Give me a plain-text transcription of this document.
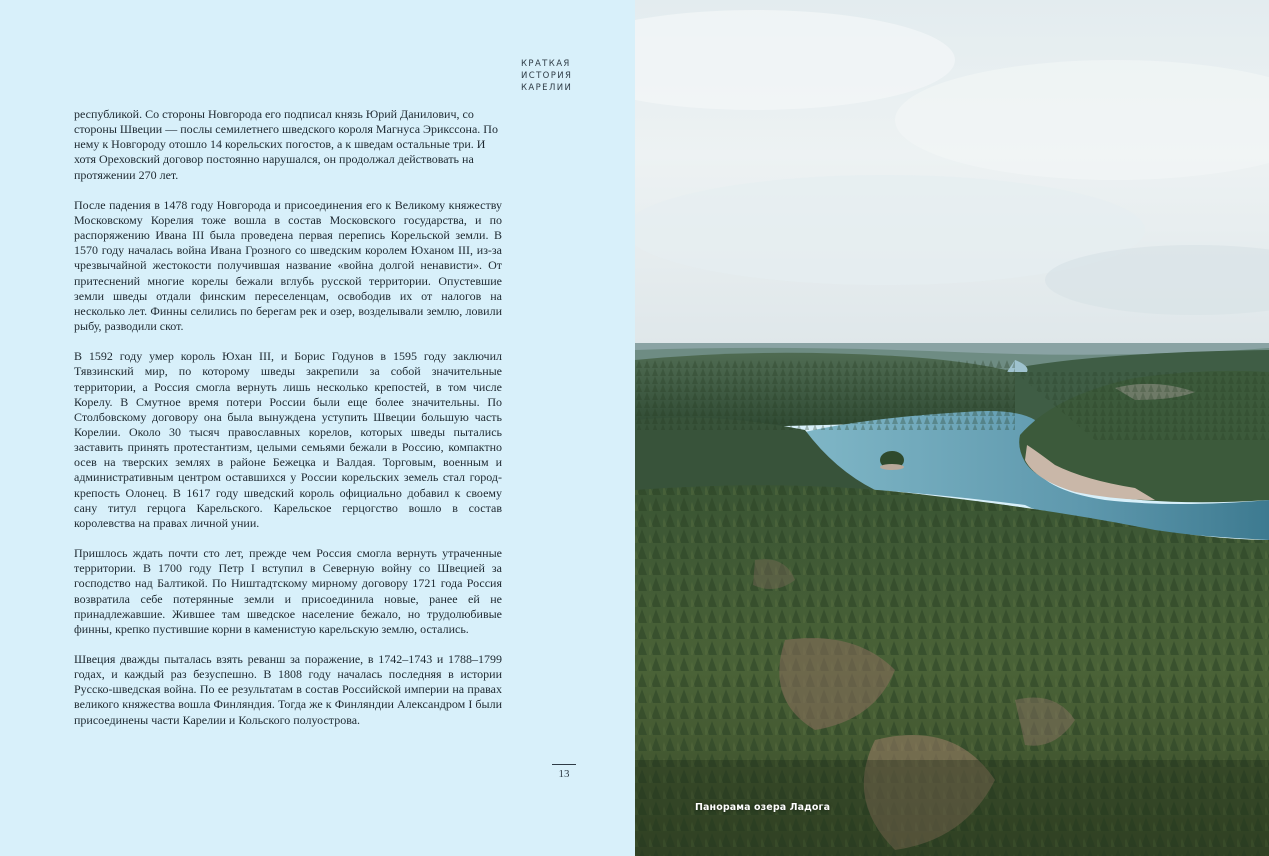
КРАТКАЯ
ИСТОРИЯ
КАРЕЛИИ

республикой. Со стороны Новгорода его подписал князь Юрий Данилович, со стороны Швеции — послы семилетнего шведского короля Магнуса Эрикссона. По нему к Новгороду отошло 14 корельских погостов, а к шведам остальные три. И хотя Ореховский договор постоянно нарушался, он продолжал действовать на протяжении 270 лет.

После падения в 1478 году Новгорода и присоединения его к Великому княжеству Московскому Корелия тоже вошла в состав Московского государства, и по распоряжению Ивана III была проведена первая перепись Корельской земли. В 1570 году началась война Ивана Грозного со шведским королем Юханом III, из-за чрезвычайной жестокости получившая название «война долгой ненависти». От притеснений многие корелы бежали вглубь русской территории. Опустевшие земли шведы отдали финским переселенцам, освободив их от налогов на несколько лет. Финны селились по берегам рек и озер, возделывали землю, ловили рыбу, разводили скот.

В 1592 году умер король Юхан III, и Борис Годунов в 1595 году заключил Тявзинский мир, по которому шведы закрепили за собой значительные территории, а Россия смогла вернуть лишь несколько крепостей, в том числе Корелу. В Смутное время потери России были еще более значительны. По Столбовскому договору она была вынуждена уступить Швеции большую часть Корелии. Около 30 тысяч православных корелов, которых шведы пытались заставить принять протестантизм, целыми семьями бежали в Россию, компактно осев на тверских землях в районе Бежецка и Валдая. Торговым, военным и административным центром оставшихся у России корельских земель стал город-крепость Олонец. В 1617 году шведский король официально добавил к своему сану титул герцога Карельского. Карельское герцогство вошло в состав королевства на правах личной унии.

Пришлось ждать почти сто лет, прежде чем Россия смогла вернуть утраченные территории. В 1700 году Петр I вступил в Северную войну со Швецией за господство над Балтикой. По Ништадтскому мирному договору 1721 года Россия возвратила себе потерянные земли и присоединила новые, ранее ей не принадлежавшие. Жившее там шведское население бежало, но трудолюбивые финны, крепко пустившие корни в каменистую карельскую землю, остались.

Швеция дважды пыталась взять реванш за поражение, в 1742–1743 и 1788–1799 годах, и каждый раз безуспешно. В 1808 году началась последняя в истории Русско-шведская война. По ее результатам в состав Российской империи на правах великого княжества вошла Финляндия. Тогда же к Финляндии Александром I были присоединены части Карелии и Кольского полуострова.

13
Панорама озера Ладога
